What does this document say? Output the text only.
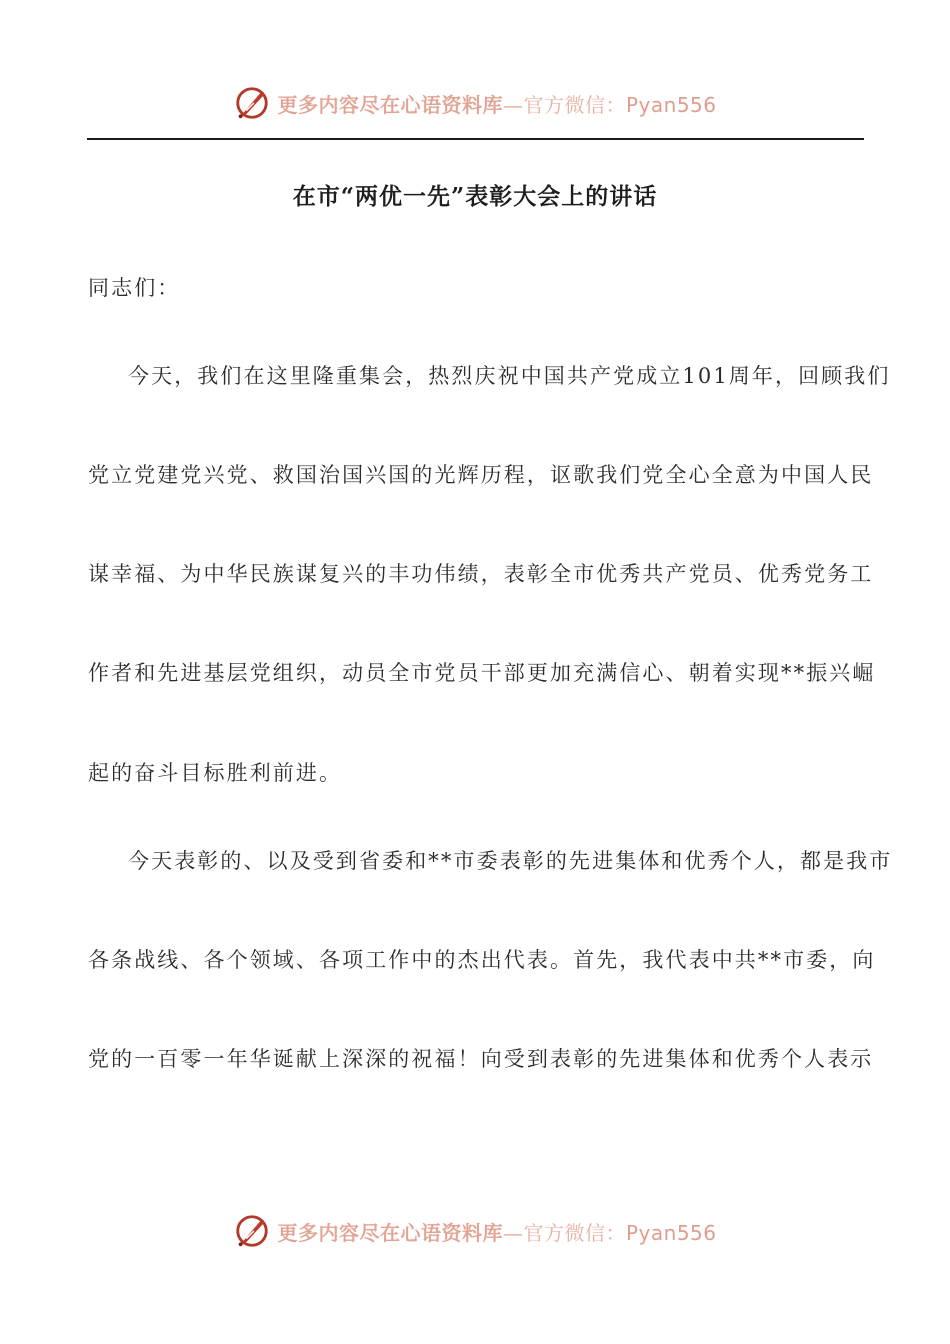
更多内容尽在心语资料库—官方微信：Pyan556
在市“两优一先”表彰大会上的讲话
同志们：
今天，我们在这里隆重集会，热烈庆祝中国共产党成立101周年，回顾我们
党立党建党兴党、救国治国兴国的光辉历程，讴歌我们党全心全意为中国人民
谋幸福、为中华民族谋复兴的丰功伟绩，表彰全市优秀共产党员、优秀党务工
作者和先进基层党组织，动员全市党员干部更加充满信心、朝着实现**振兴崛
起的奋斗目标胜利前进。
今天表彰的、以及受到省委和**市委表彰的先进集体和优秀个人，都是我市
各条战线、各个领域、各项工作中的杰出代表。首先，我代表中共**市委，向
党的一百零一年华诞献上深深的祝福！向受到表彰的先进集体和优秀个人表示
更多内容尽在心语资料库—官方微信：Pyan556
